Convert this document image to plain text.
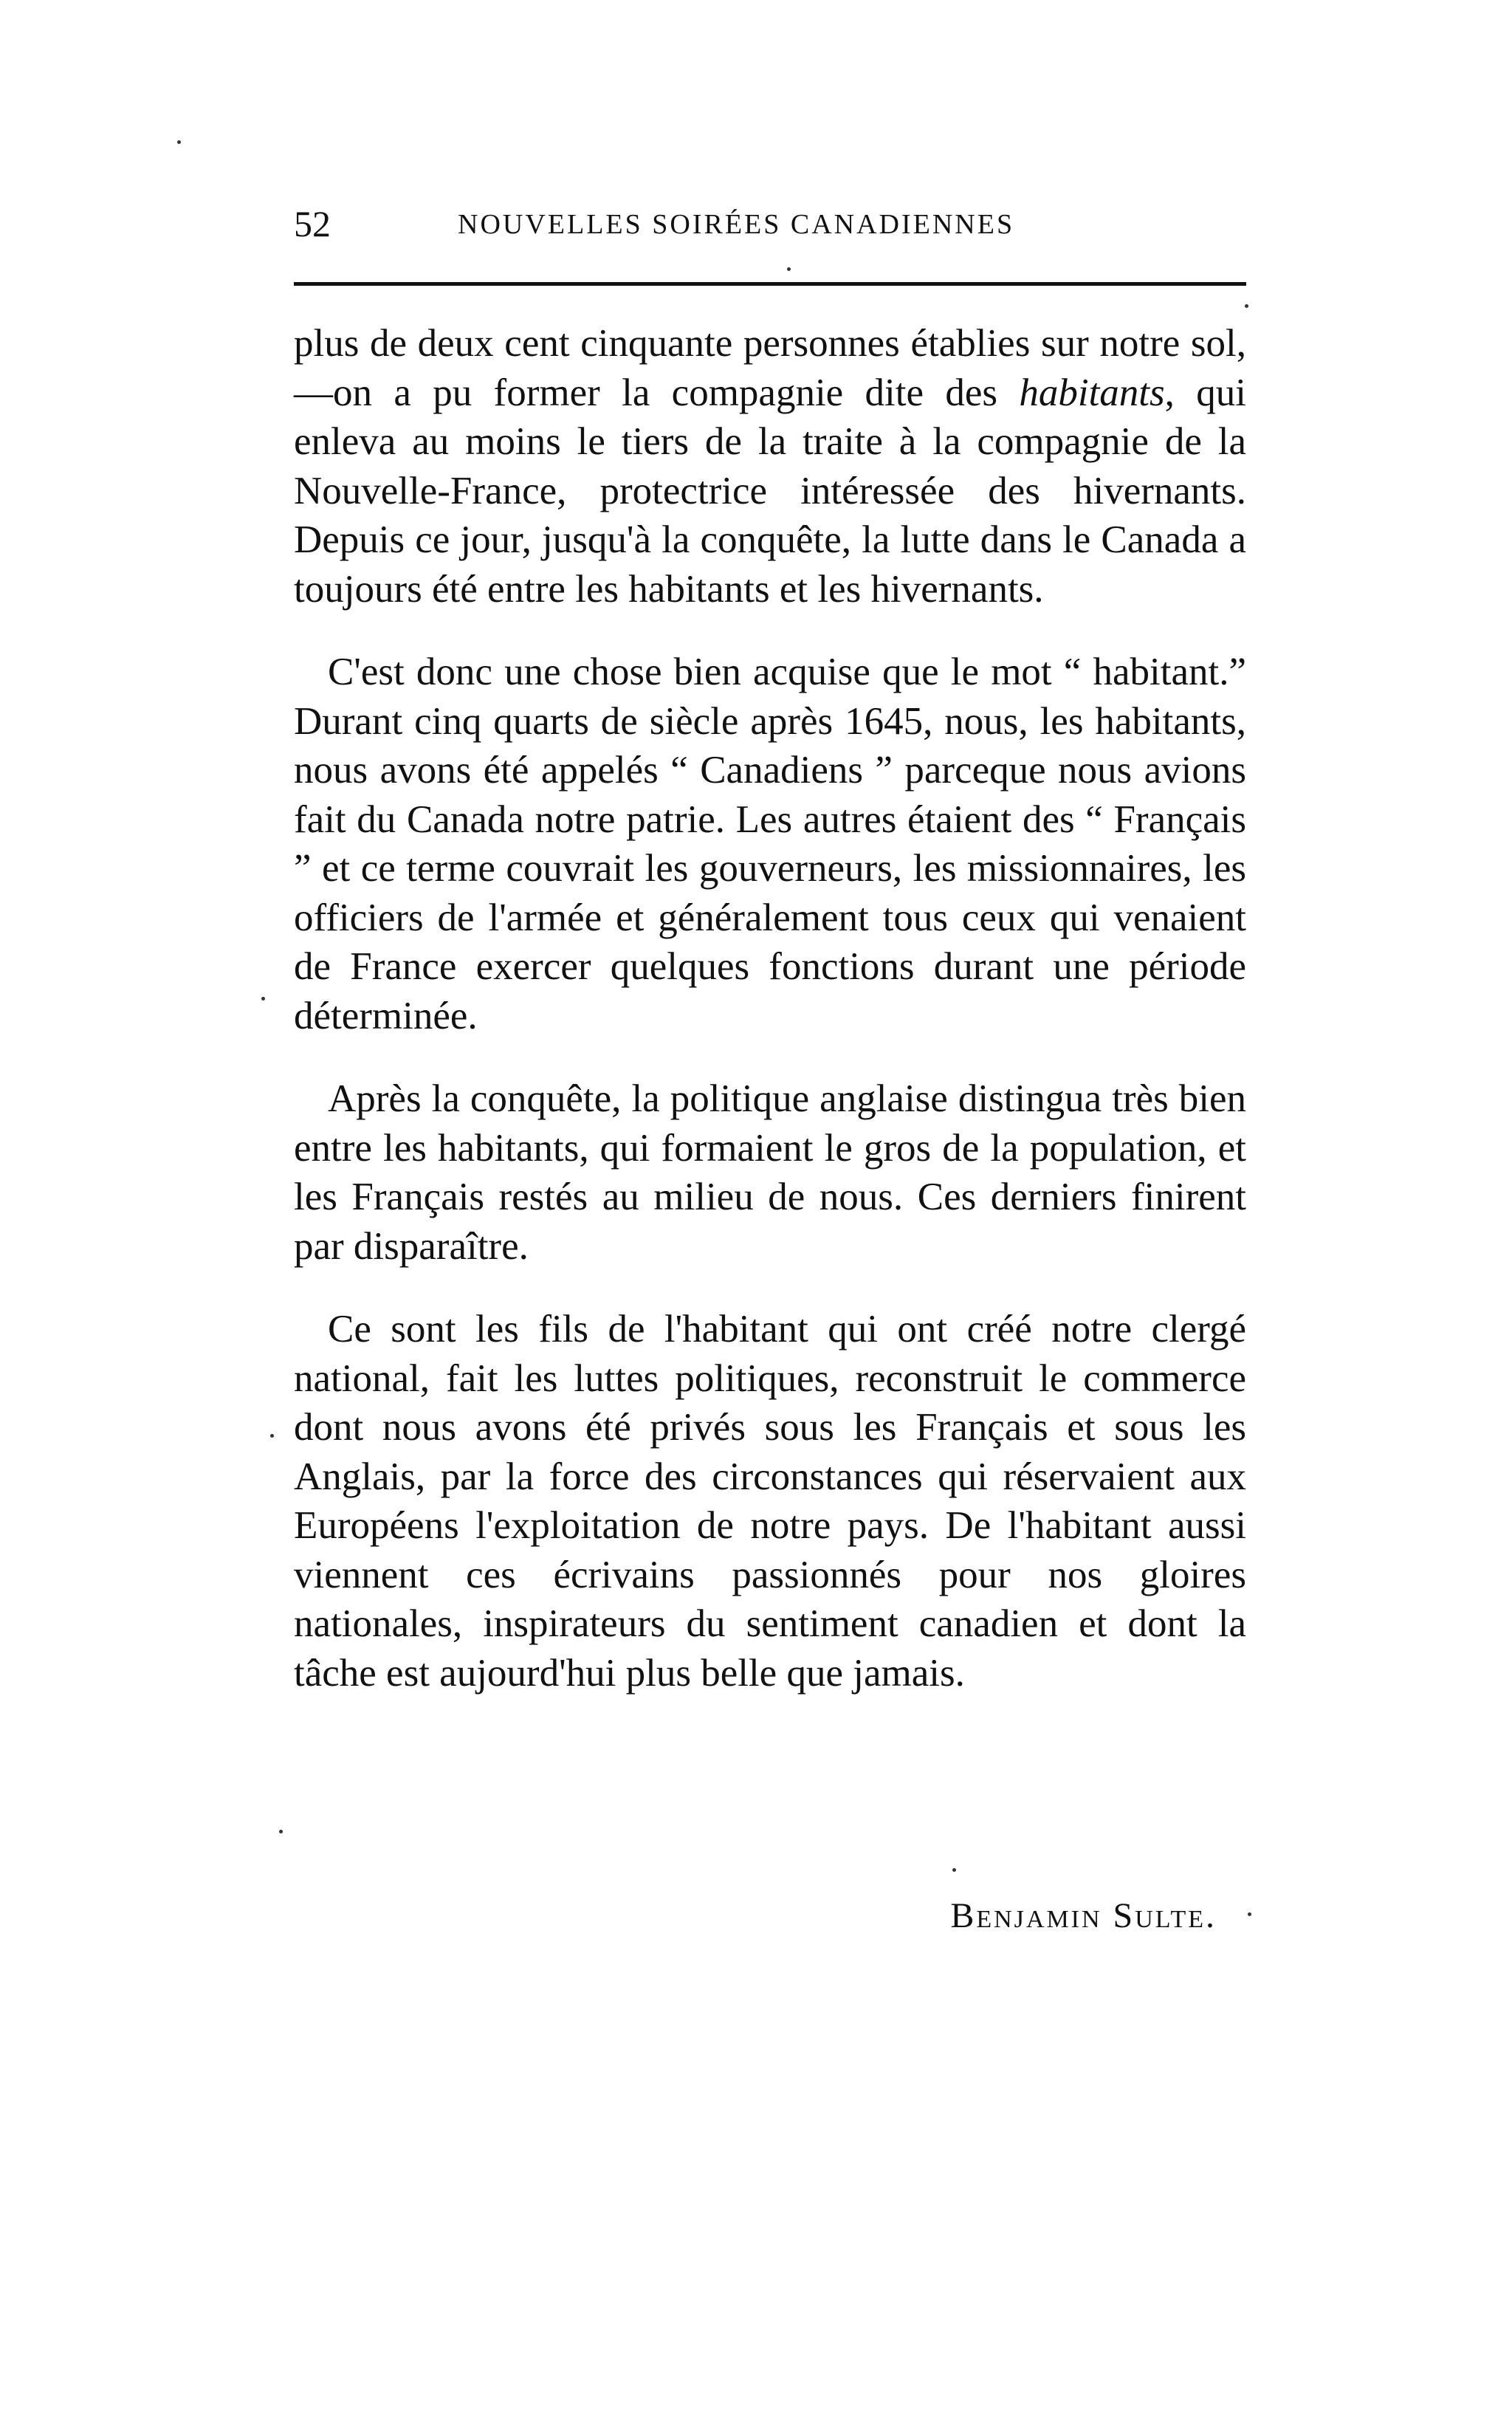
52	NOUVELLES SOIRÉES CANADIENNES

plus de deux cent cinquante personnes établies sur notre sol,—on a pu former la compagnie dite des habitants, qui enleva au moins le tiers de la traite à la compagnie de la Nouvelle-France, protectrice intéressée des hivernants. Depuis ce jour, jusqu'à la conquête, la lutte dans le Canada a toujours été entre les habitants et les hivernants.

C'est donc une chose bien acquise que le mot “ habitant.” Durant cinq quarts de siècle après 1645, nous, les habitants, nous avons été appelés “ Canadiens ” parceque nous avions fait du Canada notre patrie. Les autres étaient des “ Français ” et ce terme couvrait les gouverneurs, les missionnaires, les officiers de l'armée et généralement tous ceux qui venaient de France exercer quelques fonctions durant une période déterminée.

Après la conquête, la politique anglaise distingua très bien entre les habitants, qui formaient le gros de la population, et les Français restés au milieu de nous. Ces derniers finirent par disparaître.

Ce sont les fils de l'habitant qui ont créé notre clergé national, fait les luttes politiques, reconstruit le commerce dont nous avons été privés sous les Français et sous les Anglais, par la force des circonstances qui réservaient aux Européens l'exploitation de notre pays. De l'habitant aussi viennent ces écrivains passionnés pour nos gloires nationales, inspirateurs du sentiment canadien et dont la tâche est aujourd'hui plus belle que jamais.

Benjamin Sulte.
